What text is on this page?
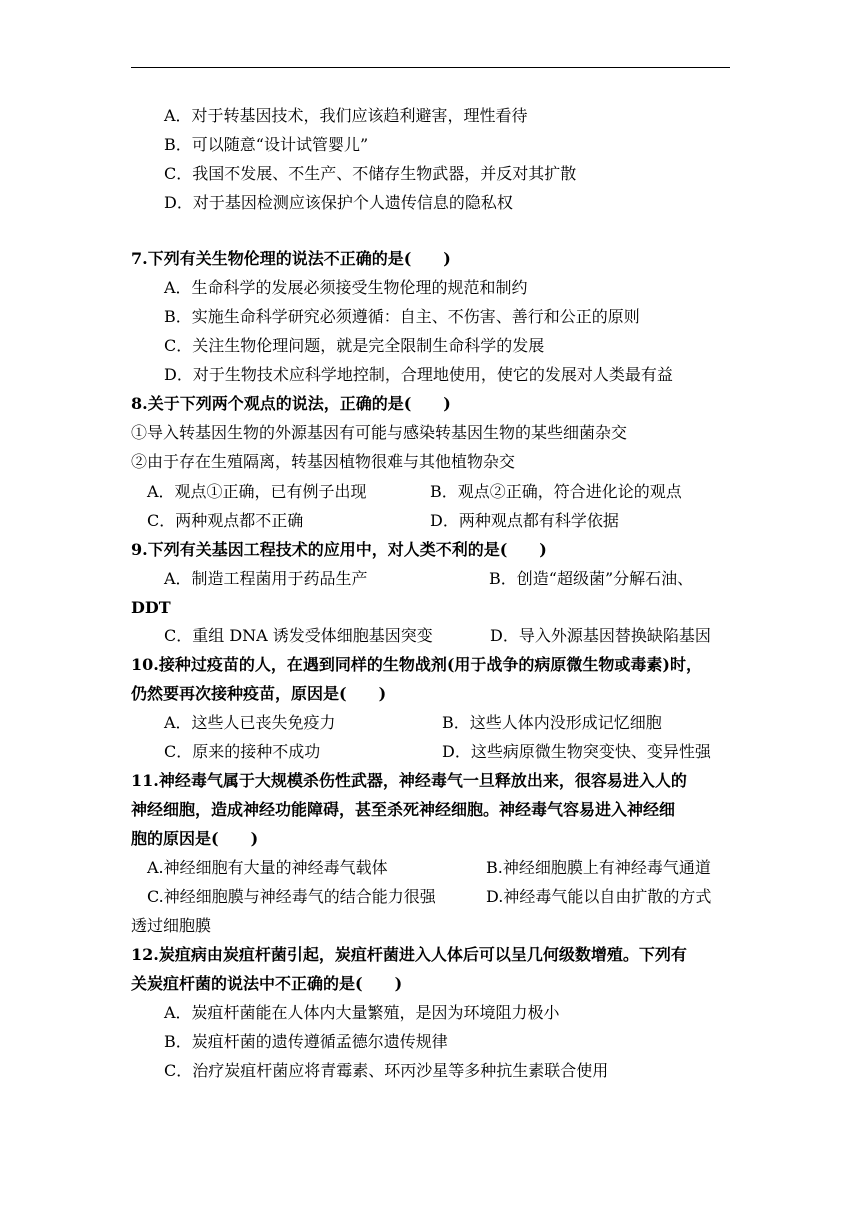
A．对于转基因技术，我们应该趋利避害，理性看待
B．可以随意“设计试管婴儿”
C．我国不发展、不生产、不储存生物武器，并反对其扩散
D．对于基因检测应该保护个人遗传信息的隐私权
7.下列有关生物伦理的说法不正确的是(　　)
A．生命科学的发展必须接受生物伦理的规范和制约
B．实施生命科学研究必须遵循：自主、不伤害、善行和公正的原则
C．关注生物伦理问题，就是完全限制生命科学的发展
D．对于生物技术应科学地控制，合理地使用，使它的发展对人类最有益
8.关于下列两个观点的说法，正确的是(　　)
①导入转基因生物的外源基因有可能与感染转基因生物的某些细菌杂交
②由于存在生殖隔离，转基因植物很难与其他植物杂交
A．观点①正确，已有例子出现	B．观点②正确，符合进化论的观点
C．两种观点都不正确	D．两种观点都有科学依据
9.下列有关基因工程技术的应用中，对人类不利的是(　　)
A．制造工程菌用于药品生产	B．创造“超级菌”分解石油、
DDT
C．重组 DNA 诱发受体细胞基因突变	D．导入外源基因替换缺陷基因
10.接种过疫苗的人，在遇到同样的生物战剂(用于战争的病原微生物或毒素)时，
仍然要再次接种疫苗，原因是(　　)
A．这些人已丧失免疫力	B．这些人体内没形成记忆细胞
C．原来的接种不成功	D．这些病原微生物突变快、变异性强
11.神经毒气属于大规模杀伤性武器，神经毒气一旦释放出来，很容易进入人的
神经细胞，造成神经功能障碍，甚至杀死神经细胞。神经毒气容易进入神经细
胞的原因是(　　)
A.神经细胞有大量的神经毒气载体	B.神经细胞膜上有神经毒气通道
C.神经细胞膜与神经毒气的结合能力很强	D.神经毒气能以自由扩散的方式
透过细胞膜
12.炭疽病由炭疽杆菌引起，炭疽杆菌进入人体后可以呈几何级数增殖。下列有
关炭疽杆菌的说法中不正确的是(　　)
A．炭疽杆菌能在人体内大量繁殖，是因为环境阻力极小
B．炭疽杆菌的遗传遵循孟德尔遗传规律
C．治疗炭疽杆菌应将青霉素、环丙沙星等多种抗生素联合使用
